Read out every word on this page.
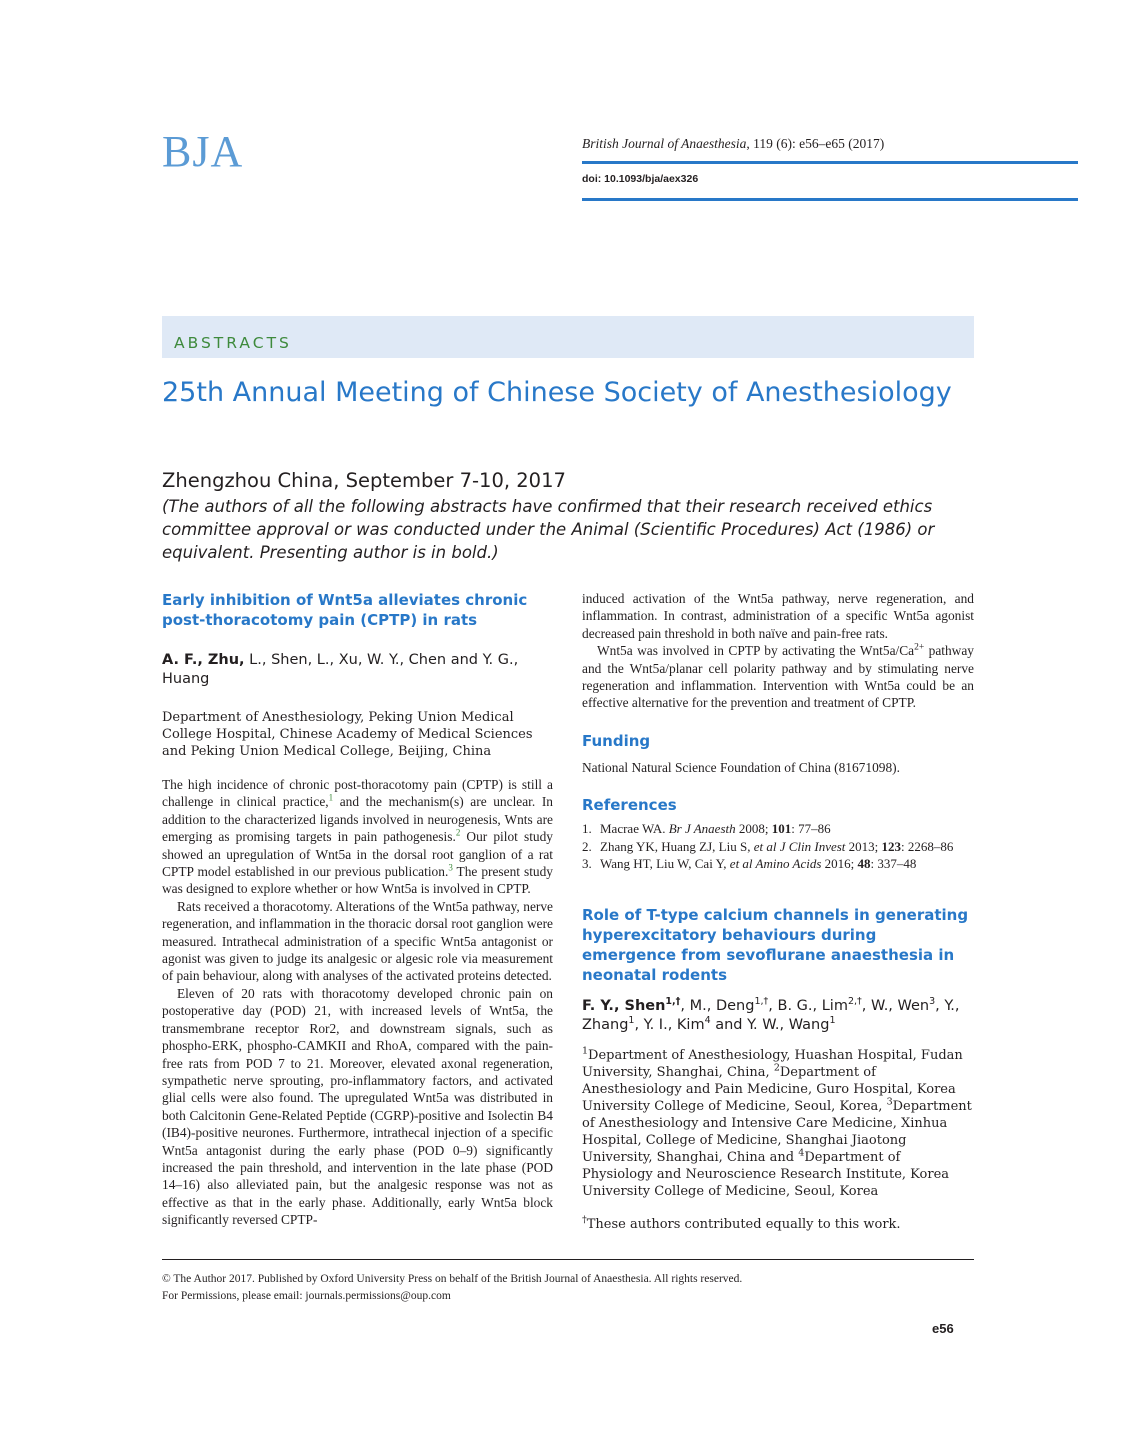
BJA	British Journal of Anaesthesia, 119 (6): e56–e65 (2017)
doi: 10.1093/bja/aex326
ABSTRACTS
25th Annual Meeting of Chinese Society of Anesthesiology
Zhengzhou China, September 7-10, 2017
(The authors of all the following abstracts have confirmed that their research received ethics committee approval or was conducted under the Animal (Scientific Procedures) Act (1986) or equivalent. Presenting author is in bold.)

Early inhibition of Wnt5a alleviates chronic post-thoracotomy pain (CPTP) in rats

A. F., Zhu, L., Shen, L., Xu, W. Y., Chen and Y. G., Huang

Department of Anesthesiology, Peking Union Medical College Hospital, Chinese Academy of Medical Sciences and Peking Union Medical College, Beijing, China

The high incidence of chronic post-thoracotomy pain (CPTP) is still a challenge in clinical practice,$^1$ and the mechanism(s) are unclear. In addition to the characterized ligands involved in neurogenesis, Wnts are emerging as promising targets in pain pathogenesis.$^2$ Our pilot study showed an upregulation of Wnt5a in the dorsal root ganglion of a rat CPTP model established in our previous publication.$^3$ The present study was designed to explore whether or how Wnt5a is involved in CPTP.

Rats received a thoracotomy. Alterations of the Wnt5a pathway, nerve regeneration, and inflammation in the thoracic dorsal root ganglion were measured. Intrathecal administration of a specific Wnt5a antagonist or agonist was given to judge its analgesic or algesic role via measurement of pain behaviour, along with analyses of the activated proteins detected.

Eleven of 20 rats with thoracotomy developed chronic pain on postoperative day (POD) 21, with increased levels of Wnt5a, the transmembrane receptor Ror2, and downstream signals, such as phospho-ERK, phospho-CAMKII and RhoA, compared with the pain-free rats from POD 7 to 21. Moreover, elevated axonal regeneration, sympathetic nerve sprouting, pro-inflammatory factors, and activated glial cells were also found. The upregulated Wnt5a was distributed in both Calcitonin Gene-Related Peptide (CGRP)-positive and Isolectin B4 (IB4)-positive neurones. Furthermore, intrathecal injection of a specific Wnt5a antagonist during the early phase (POD 0–9) significantly increased the pain threshold, and intervention in the late phase (POD 14–16) also alleviated pain, but the analgesic response was not as effective as that in the early phase. Additionally, early Wnt5a block significantly reversed CPTP-

induced activation of the Wnt5a pathway, nerve regeneration, and inflammation. In contrast, administration of a specific Wnt5a agonist decreased pain threshold in both naïve and pain-free rats.

Wnt5a was involved in CPTP by activating the $Wnt5a/Ca^{2+}$ pathway and the Wnt5a/planar cell polarity pathway and by stimulating nerve regeneration and inflammation. Intervention with Wnt5a could be an effective alternative for the prevention and treatment of CPTP.

Funding

National Natural Science Foundation of China (81671098).

References

1. Macrae WA. Br J Anaesth 2008; 101: 77–86
2. Zhang YK, Huang ZJ, Liu S, et al J Clin Invest 2013; 123: 2268–86
3. Wang HT, Liu W, Cai Y, et al Amino Acids 2016; 48: 337–48

Role of T-type calcium channels in generating hyperexcitatory behaviours during emergence from sevoflurane anaesthesia in neonatal rodents

F. Y., Shen$^{1,\dagger}$, M., Deng$^{1,\dagger}$, B. G., Lim$^{2,\dagger}$, W., Wen$^3$, Y., Zhang$^1$, Y. I., Kim$^4$ and Y. W., Wang$^1$

$^1$Department of Anesthesiology, Huashan Hospital, Fudan University, Shanghai, China, $^2$Department of Anesthesiology and Pain Medicine, Guro Hospital, Korea University College of Medicine, Seoul, Korea, $^3$Department of Anesthesiology and Intensive Care Medicine, Xinhua Hospital, College of Medicine, Shanghai Jiaotong University, Shanghai, China and $^4$Department of Physiology and Neuroscience Research Institute, Korea University College of Medicine, Seoul, Korea

†These authors contributed equally to this work.

© The Author 2017. Published by Oxford University Press on behalf of the British Journal of Anaesthesia. All rights reserved.
For Permissions, please email: journals.permissions@oup.com
e56
